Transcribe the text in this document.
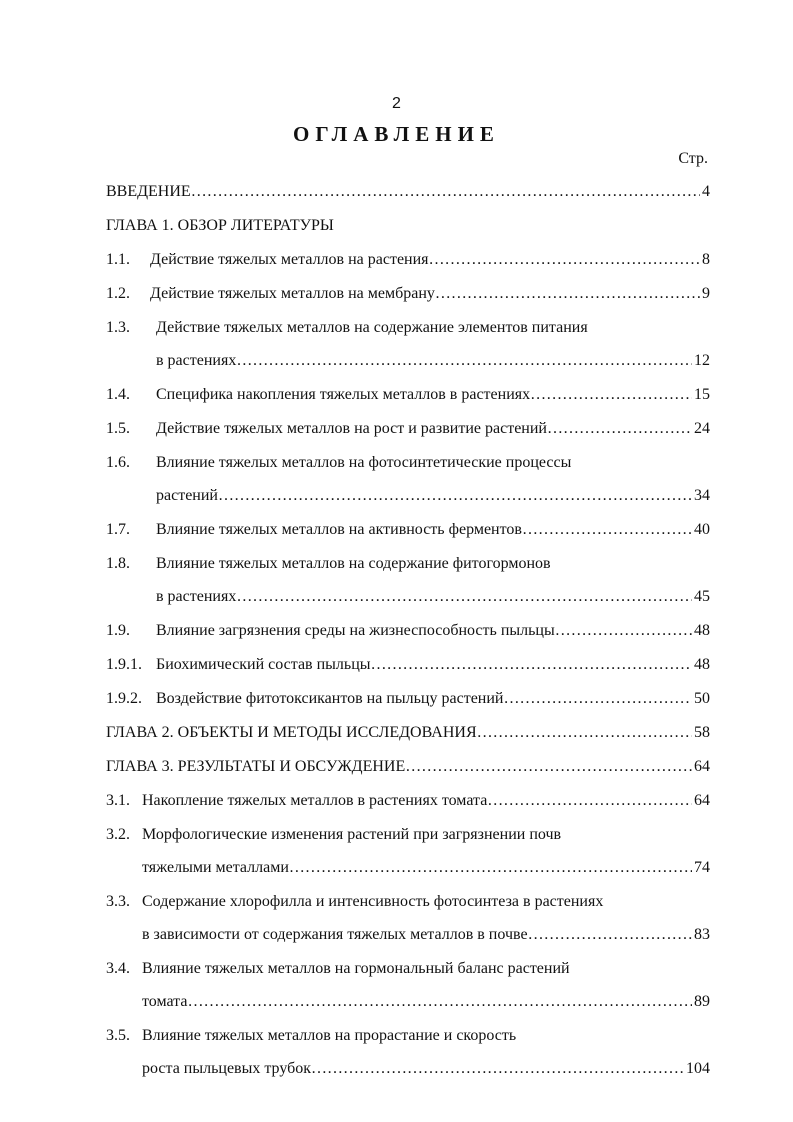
2
ОГЛАВЛЕНИЕ
Стр.
ВВЕДЕНИЕ ………………………………………………………………………………………………………………………………………………………………………………	4
ГЛАВА 1. ОБЗОР ЛИТЕРАТУРЫ
1.1.	Действие тяжелых металлов на растения ………………………………………………………………………………………………………………………………………………………………………………	8
1.2.	Действие тяжелых металлов на мембрану ………………………………………………………………………………………………………………………………………………………………………………	9
1.3.	Действие тяжелых металлов на содержание элементов питания
в растениях ………………………………………………………………………………………………………………………………………………………………………………	12
1.4.	Специфика накопления тяжелых металлов в растениях ………………………………………………………………………………………………………………………………………………………………………………	15
1.5.	Действие тяжелых металлов на рост и развитие растений ………………………………………………………………………………………………………………………………………………………………………………	24
1.6.	Влияние тяжелых металлов на фотосинтетические процессы
растений ………………………………………………………………………………………………………………………………………………………………………………	34
1.7.	Влияние тяжелых металлов на активность ферментов ………………………………………………………………………………………………………………………………………………………………………………	40
1.8.	Влияние тяжелых металлов на содержание фитогормонов
в растениях ………………………………………………………………………………………………………………………………………………………………………………	45
1.9.	Влияние загрязнения среды на жизнеспособность пыльцы ………………………………………………………………………………………………………………………………………………………………………………	48
1.9.1. Биохимический состав пыльцы ………………………………………………………………………………………………………………………………………………………………………………	48
1.9.2. Воздействие фитотоксикантов на пыльцу растений ………………………………………………………………………………………………………………………………………………………………………………	50
ГЛАВА 2. ОБЪЕКТЫ И МЕТОДЫ ИССЛЕДОВАНИЯ ………………………………………………………………………………………………………………………………………………………………………………	58
ГЛАВА 3. РЕЗУЛЬТАТЫ И ОБСУЖДЕНИЕ ………………………………………………………………………………………………………………………………………………………………………………	64
3.1. Накопление тяжелых металлов в растениях томата ………………………………………………………………………………………………………………………………………………………………………………	64
3.2. Морфологические изменения растений при загрязнении почв
тяжелыми металлами ………………………………………………………………………………………………………………………………………………………………………………	74
3.3. Содержание хлорофилла и интенсивность фотосинтеза в растениях
в зависимости от содержания тяжелых металлов в почве ………………………………………………………………………………………………………………………………………………………………………………	83
3.4. Влияние тяжелых металлов на гормональный баланс растений
томата ………………………………………………………………………………………………………………………………………………………………………………	89
3.5. Влияние тяжелых металлов на прорастание и скорость
роста пыльцевых трубок ………………………………………………………………………………………………………………………………………………………………………………	104
